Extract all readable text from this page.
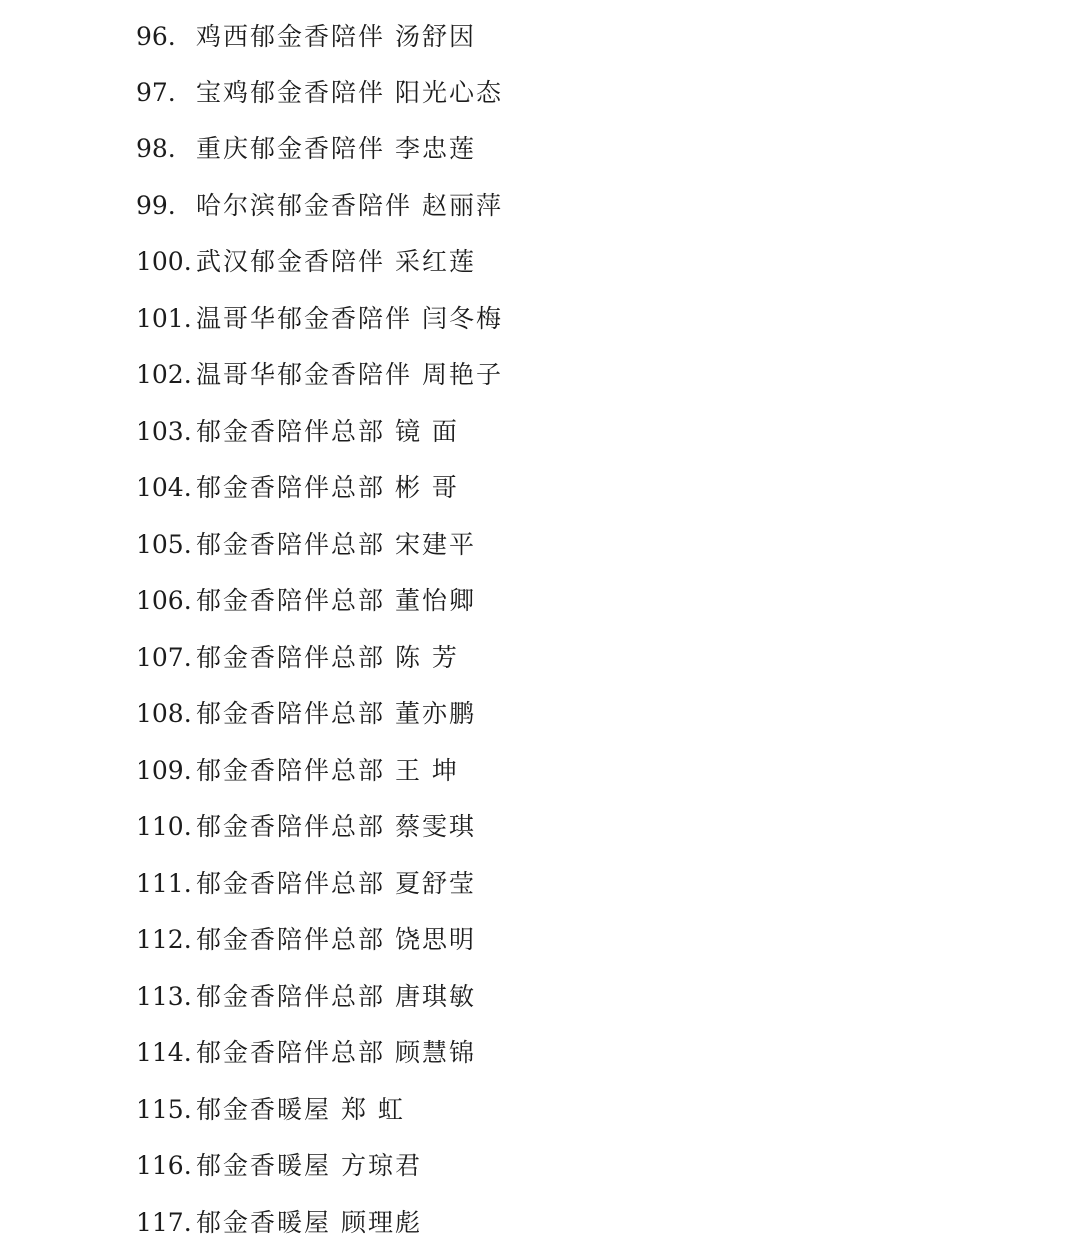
96. 鸡西郁金香陪伴 汤舒因
97. 宝鸡郁金香陪伴 阳光心态
98. 重庆郁金香陪伴 李忠莲
99. 哈尔滨郁金香陪伴 赵丽萍
100. 武汉郁金香陪伴 采红莲
101. 温哥华郁金香陪伴 闫冬梅
102. 温哥华郁金香陪伴 周艳子
103. 郁金香陪伴总部 镜 面
104. 郁金香陪伴总部 彬 哥
105. 郁金香陪伴总部 宋建平
106. 郁金香陪伴总部 董怡卿
107. 郁金香陪伴总部 陈 芳
108. 郁金香陪伴总部 董亦鹏
109. 郁金香陪伴总部 王 坤
110. 郁金香陪伴总部 蔡雯琪
111. 郁金香陪伴总部 夏舒莹
112. 郁金香陪伴总部 饶思明
113. 郁金香陪伴总部 唐琪敏
114. 郁金香陪伴总部 顾慧锦
115. 郁金香暖屋 郑 虹
116. 郁金香暖屋 方琼君
117. 郁金香暖屋 顾理彪
